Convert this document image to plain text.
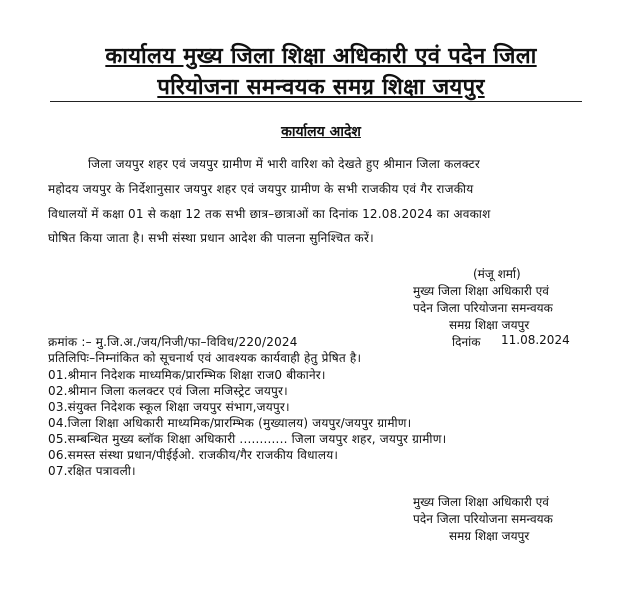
कार्यालय मुख्य जिला शिक्षा अधिकारी एवं पदेन जिला
परियोजना समन्वयक समग्र शिक्षा जयपुर
कार्यालय आदेश
जिला जयपुर शहर एवं जयपुर ग्रामीण में भारी वारिश को देखते हुए श्रीमान जिला कलक्टर
महोदय जयपुर के निर्देशानुसार जयपुर शहर एवं जयपुर ग्रामीण के सभी राजकीय एवं गैर राजकीय
विधालयों में कक्षा 01 से कक्षा 12 तक सभी छात्र–छात्राओं का दिनांक 12.08.2024 का अवकाश
घोषित किया जाता है। सभी संस्था प्रधान आदेश की पालना सुनिश्चित करें।
(मंजू शर्मा)
मुख्य जिला शिक्षा अधिकारी एवं
पदेन जिला परियोजना समन्वयक
समग्र शिक्षा जयपुर
क्रमांक :– मु.जि.अ./जय/निजी/फा–विविध/220/2024	दिनांक 11.08.2024
प्रतिलिपिः–निम्नांकित को सूचनार्थ एवं आवश्यक कार्यवाही हेतु प्रेषित है।
01.श्रीमान निदेशक माध्यमिक/प्रारम्भिक शिक्षा राज0 बीकानेर।
02.श्रीमान जिला कलक्टर एवं जिला मजिस्ट्रेट जयपुर।
03.संयुक्त निदेशक स्कूल शिक्षा जयपुर संभाग,जयपुर।
04.जिला शिक्षा अधिकारी माध्यमिक/प्रारम्भिक (मुख्यालय) जयपुर/जयपुर ग्रामीण।
05.सम्बन्धित मुख्य ब्लॉक शिक्षा अधिकारी ............ जिला जयपुर शहर, जयपुर ग्रामीण।
06.समस्त संस्था प्रधान/पीईईओ. राजकीय/गैर राजकीय विधालय।
07.रक्षित पत्रावली।
मुख्य जिला शिक्षा अधिकारी एवं
पदेन जिला परियोजना समन्वयक
समग्र शिक्षा जयपुर
